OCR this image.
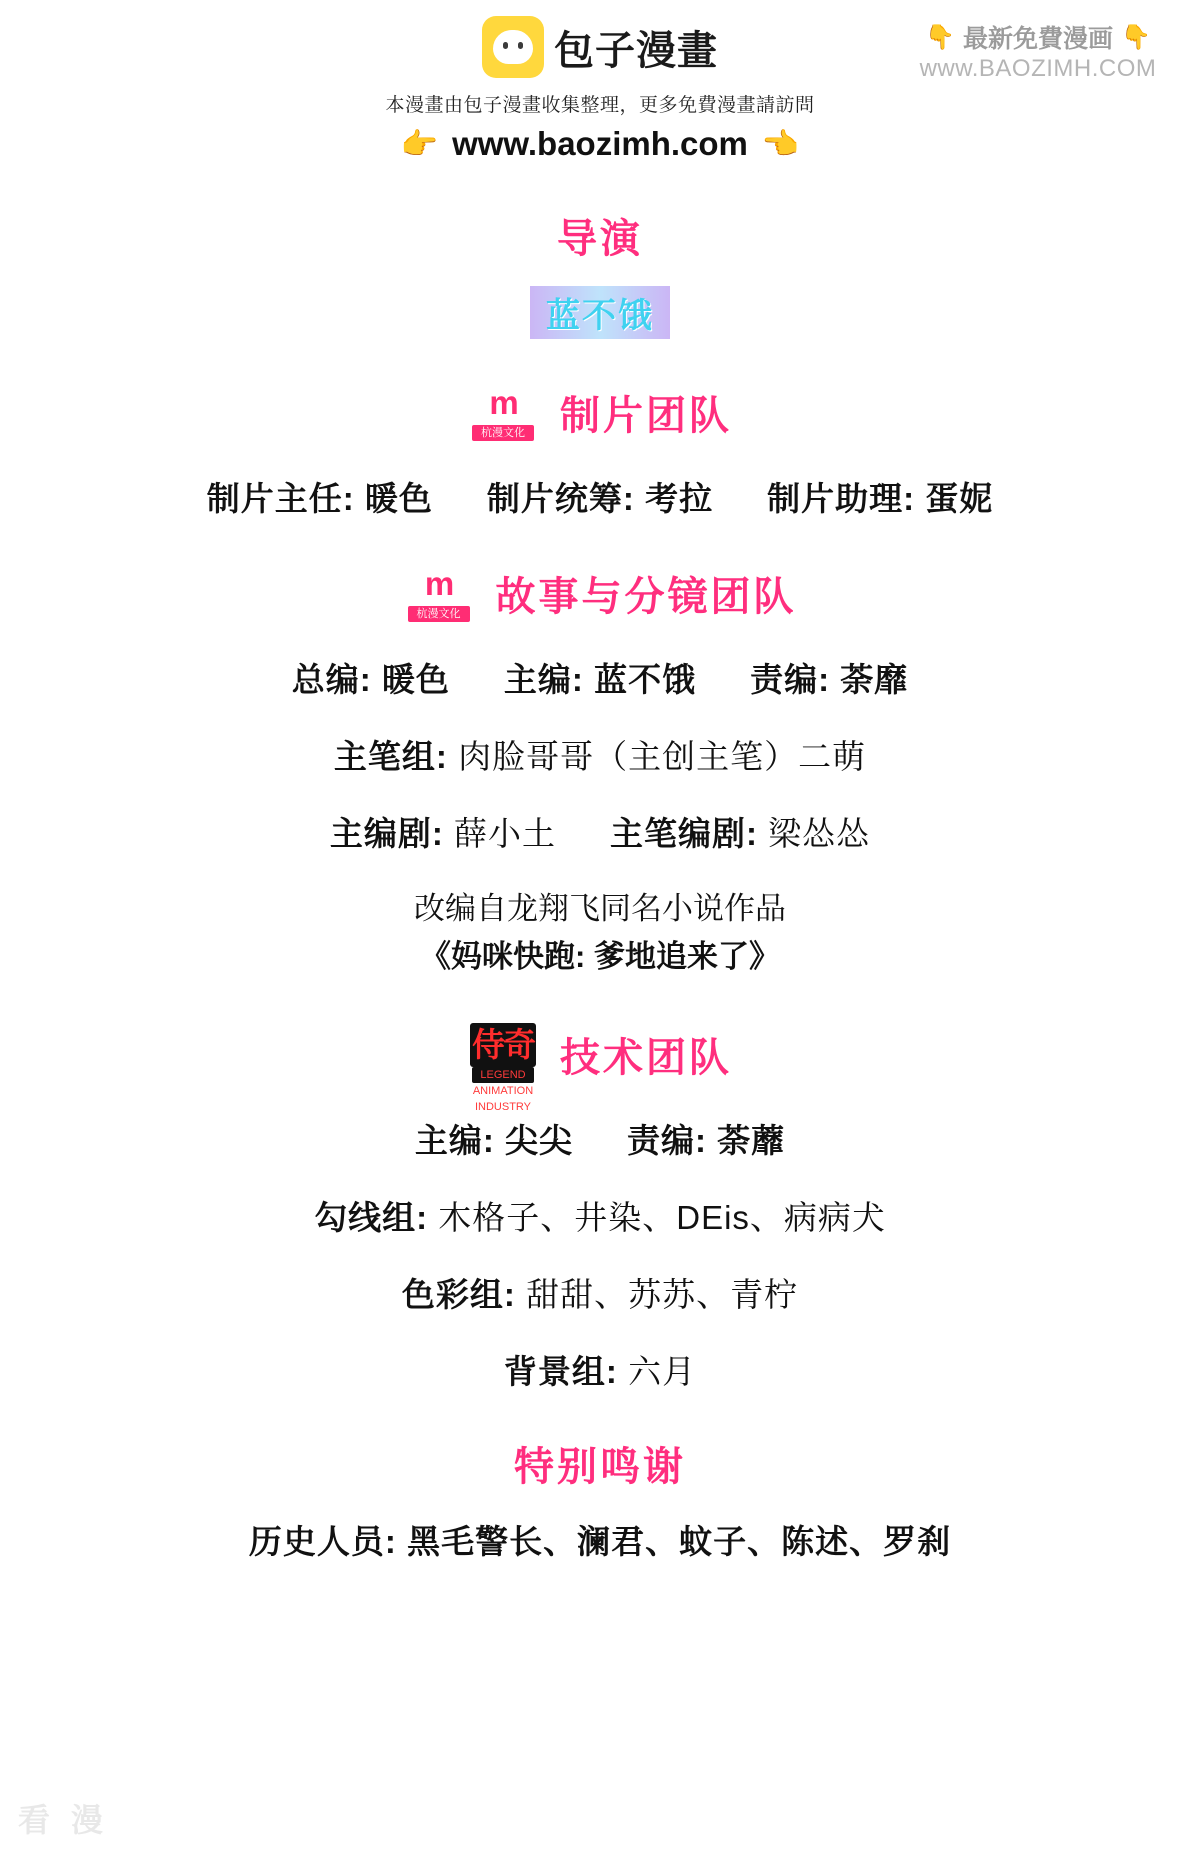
包子漫畫
本漫畫由包子漫畫收集整理，更多免費漫畫請訪問
👉 www.baozimh.com 👈
👇 最新免費漫画 👇
www.BAOZIMH.COM
导演
蓝不饿
m
杭漫文化 制片团队
制片主任: 暖色 制片统筹: 考拉 制片助理: 蛋妮
m
杭漫文化 故事与分镜团队
总编: 暖色 主编: 蓝不饿 责编: 荼靡
主笔组: 肉脸哥哥（主创主笔）二萌
主编剧: 薛小土 主笔编剧: 梁怂怂
改编自龙翔飞同名小说作品
《妈咪快跑: 爹地追来了》
侍奇
LEGEND ANIMATION INDUSTRY
技术团队
主编: 尖尖 责编: 荼蘼
勾线组: 木格子、井染、DEis、病病犬
色彩组: 甜甜、苏苏、青柠
背景组: 六月
特别鸣谢
历史人员: 黑毛警长、澜君、蚊子、陈述、罗刹
看 漫
